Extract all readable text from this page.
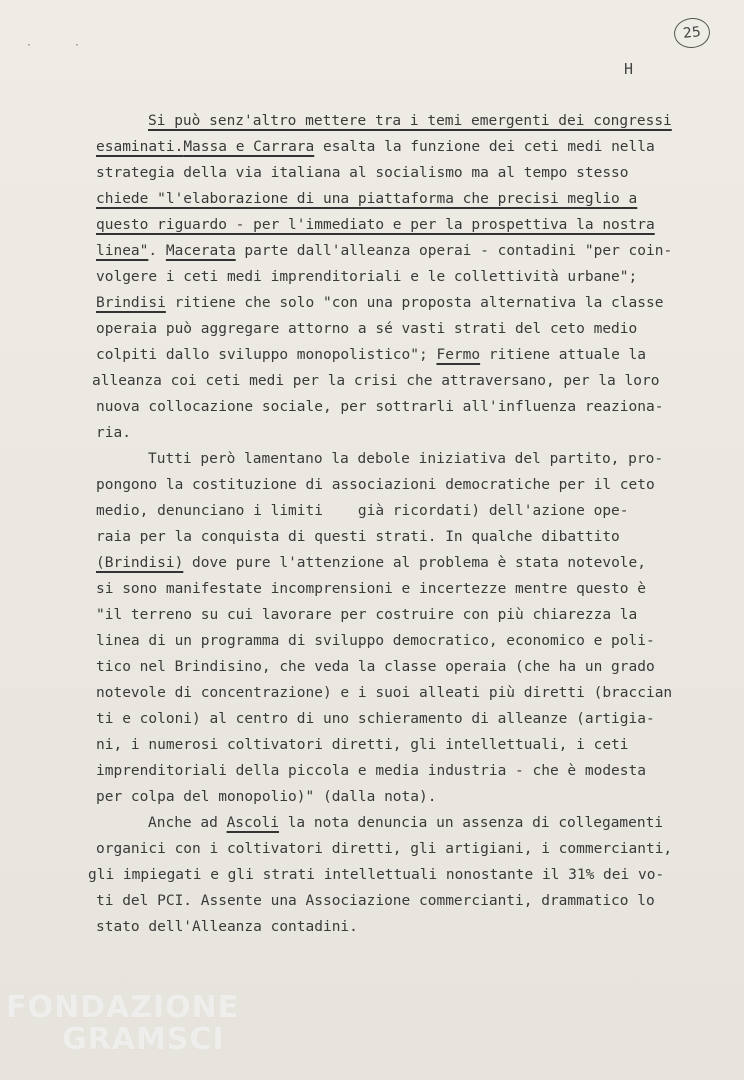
· ·
25
H
Si può senz'altro mettere tra i temi emergenti dei congressi
esaminati.Massa e Carrara esalta la funzione dei ceti medi nella
strategia della via italiana al socialismo ma al tempo stesso
chiede "l'elaborazione di una piattaforma che precisi meglio a
questo riguardo - per l'immediato e per la prospettiva la nostra
linea". Macerata parte dall'alleanza operai - contadini "per coin-
volgere i ceti medi imprenditoriali e le collettività urbane";
Brindisi ritiene che solo "con una proposta alternativa la classe
operaia può aggregare attorno a sé vasti strati del ceto medio
colpiti dallo sviluppo monopolistico"; Fermo ritiene attuale la
alleanza coi ceti medi per la crisi che attraversano, per la loro
nuova collocazione sociale, per sottrarli all'influenza reaziona-
ria.
Tutti però lamentano la debole iniziativa del partito, pro-
pongono la costituzione di associazioni democratiche per il ceto
medio, denunciano i limiti    già ricordati) dell'azione ope-
raia per la conquista di questi strati. In qualche dibattito
(Brindisi) dove pure l'attenzione al problema è stata notevole,
si sono manifestate incomprensioni e incertezze mentre questo è
"il terreno su cui lavorare per costruire con più chiarezza la
linea di un programma di sviluppo democratico, economico e poli-
tico nel Brindisino, che veda la classe operaia (che ha un grado
notevole di concentrazione) e i suoi alleati più diretti (braccian
ti e coloni) al centro di uno schieramento di alleanze (artigia-
ni, i numerosi coltivatori diretti, gli intellettuali, i ceti
imprenditoriali della piccola e media industria - che è modesta
per colpa del monopolio)" (dalla nota).
Anche ad Ascoli la nota denuncia un assenza di collegamenti
organici con i coltivatori diretti, gli artigiani, i commercianti,
gli impiegati e gli strati intellettuali nonostante il 31% dei vo-
ti del PCI. Assente una Associazione commercianti, drammatico lo
stato dell'Alleanza contadini.
FONDAZIONE
GRAMSCI
